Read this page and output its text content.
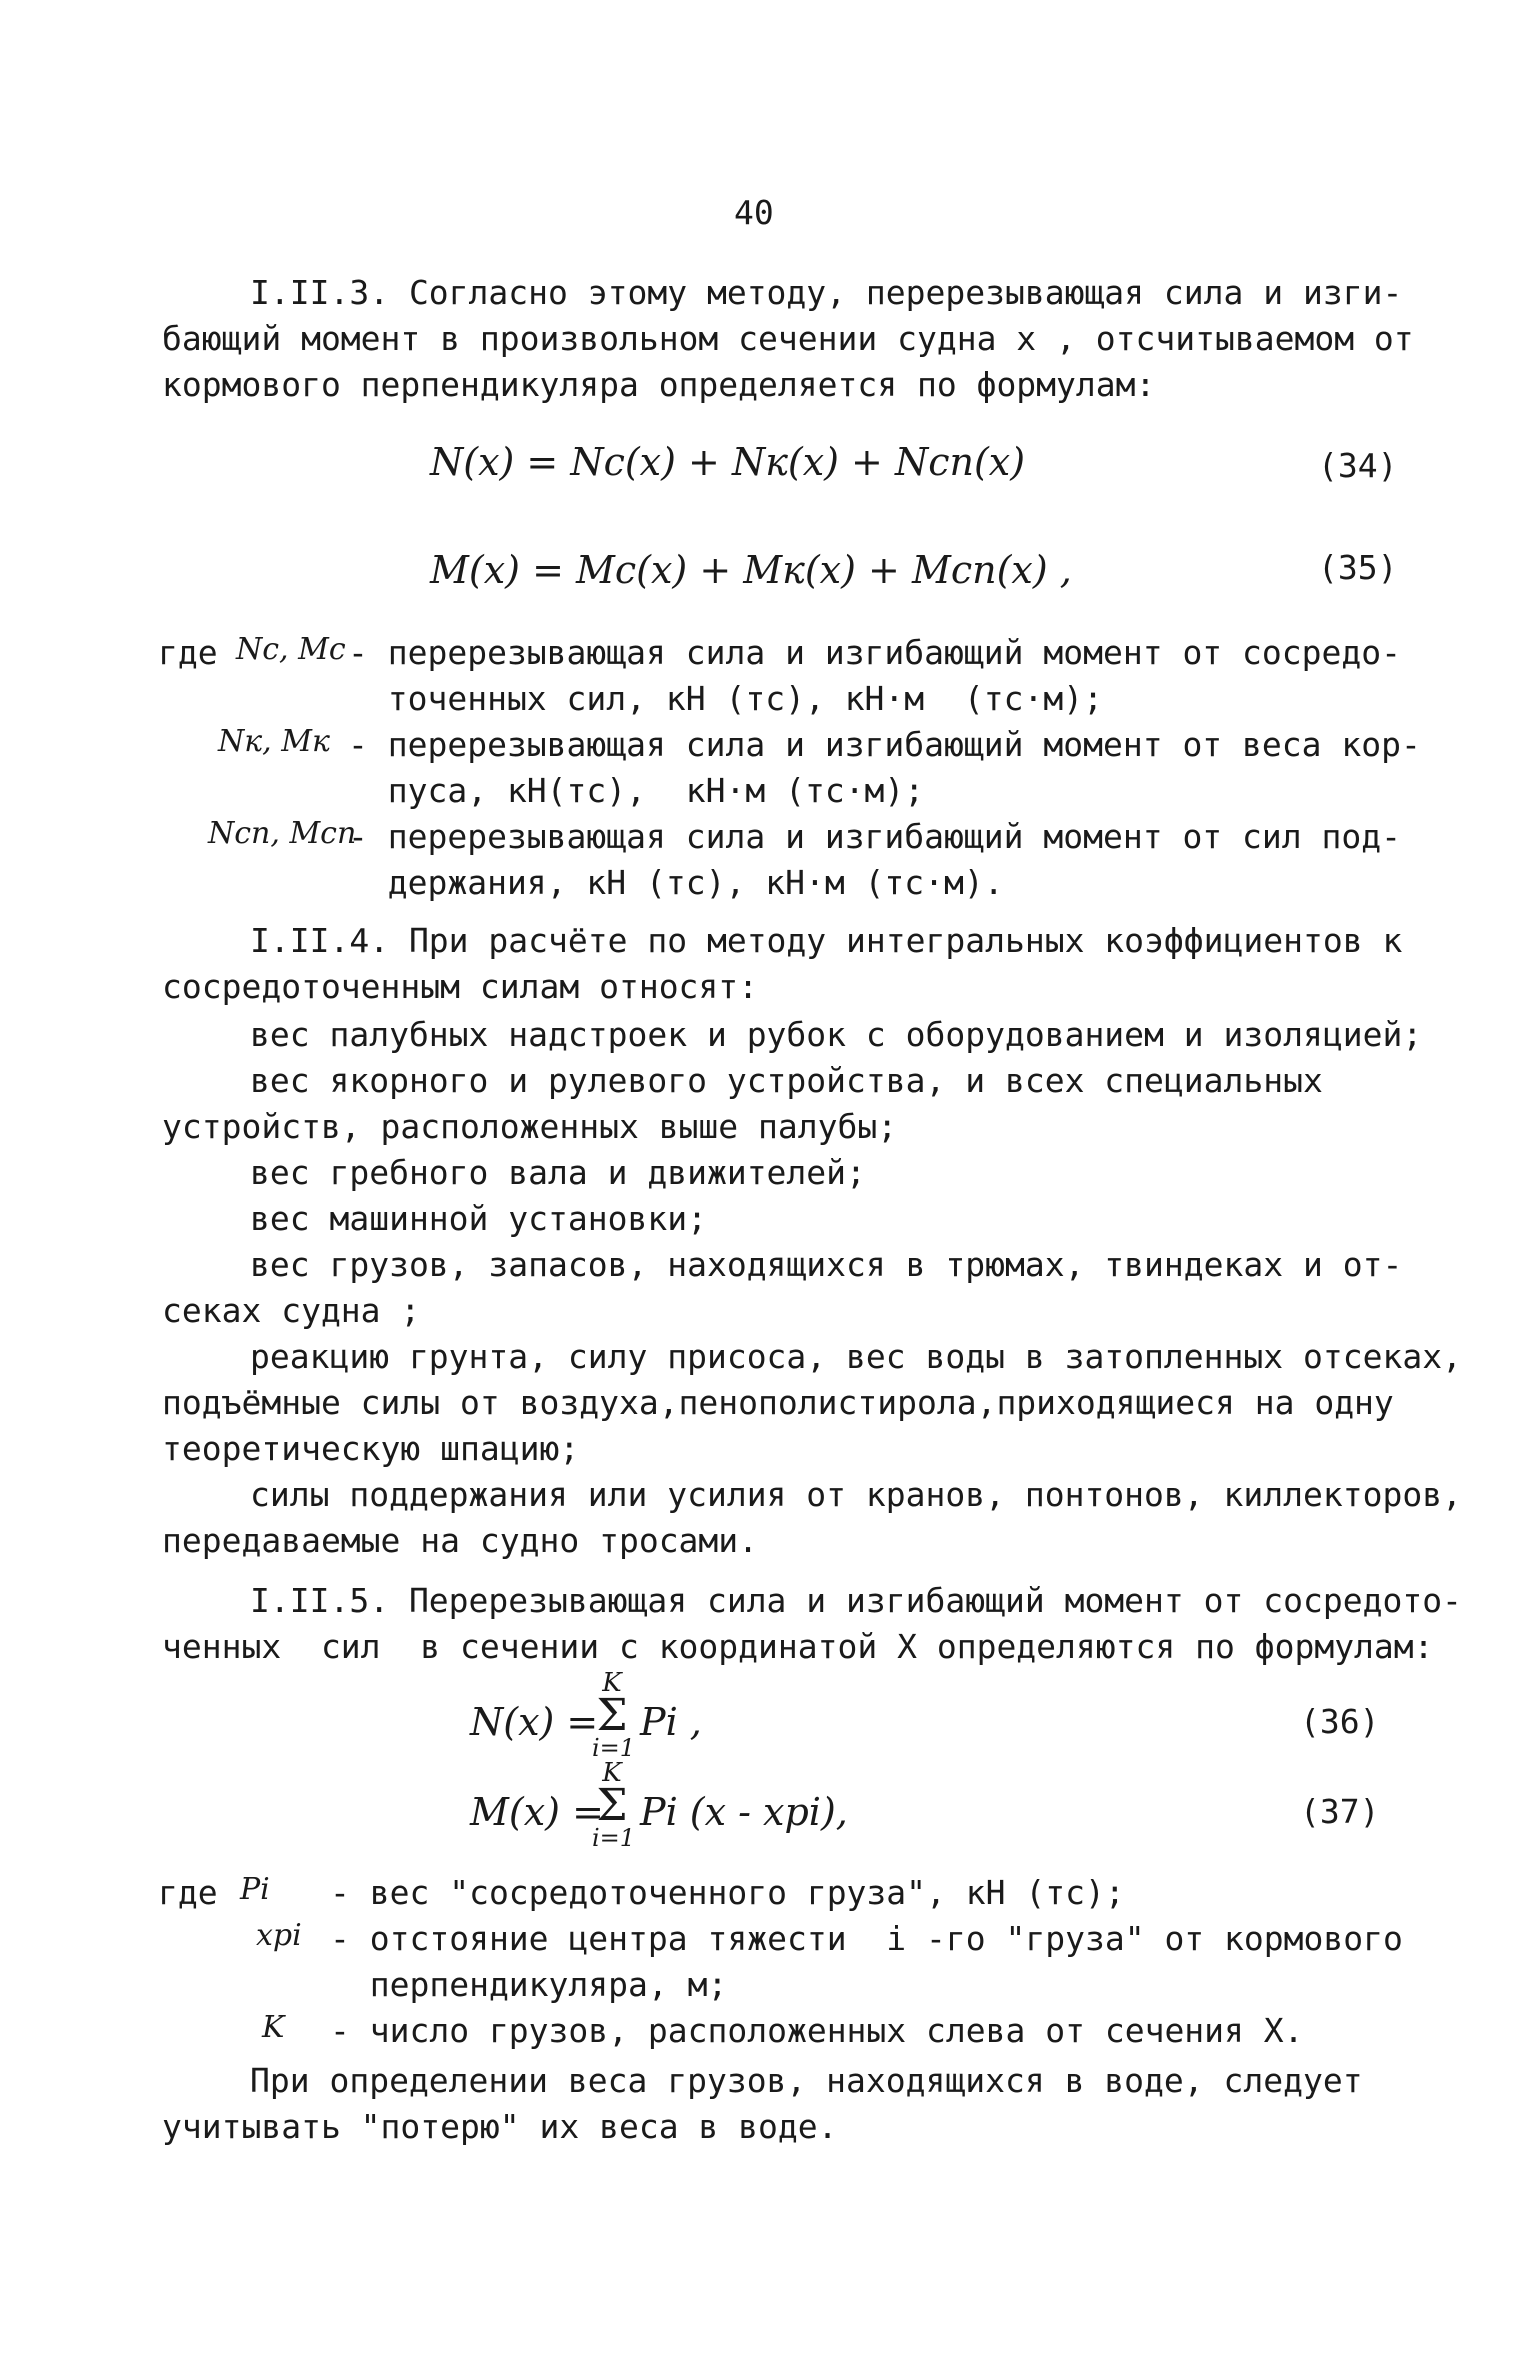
40
I.II.3. Согласно этому методу, перерезывающая сила и изги-
бающий момент в произвольном сечении судна x , отсчитываемом от
кормового перпендикуляра определяется по формулам:
N(x) = Nc(x) + Nк(x) + Nсп(x)	(34)
M(x) = Mc(x) + Mк(x) + Mсп(x) ,	(35)
где Nc, Mc - перерезывающая сила и изгибающий момент от сосредо-
точенных сил, кН (тс), кН·м  (тс·м);
Nк, Mк - перерезывающая сила и изгибающий момент от веса кор-
пуса, кН(тс),  кН·м (тс·м);
Nсп, Mсп
- перерезывающая сила и изгибающий момент от сил под-
держания, кН (тс), кН·м (тс·м).
I.II.4. При расчёте по методу интегральных коэффициентов к
сосредоточенным силам относят:
вес палубных надстроек и рубок с оборудованием и изоляцией;
вес якорного и рулевого устройства, и всех специальных
устройств, расположенных выше палубы;
вес гребного вала и движителей;
вес машинной установки;
вес грузов, запасов, находящихся в трюмах, твиндеках и от-
секах судна ;
реакцию грунта, силу присоса, вес воды в затопленных отсеках,
подъёмные силы от воздуха,пенополистирола,приходящиеся на одну
теоретическую шпацию;
силы поддержания или усилия от кранов, понтонов, киллекторов,
передаваемые на судно тросами.
I.II.5. Перерезывающая сила и изгибающий момент от сосредото-
ченных  сил  в сечении с координатой X определяются по формулам:
N(x) =
K
Σ
i=1
Pi ,	(36)
M(x) =
K
Σ
i=1
Pi (x - xpi),	(37)
где Pi - вес "сосредоточенного груза", кН (тс);
xpi - отстояние центра тяжести  i -го "груза" от кормового
перпендикуляра, м;
K - число грузов, расположенных слева от сечения X.
При определении веса грузов, находящихся в воде, следует
учитывать "потерю" их веса в воде.
